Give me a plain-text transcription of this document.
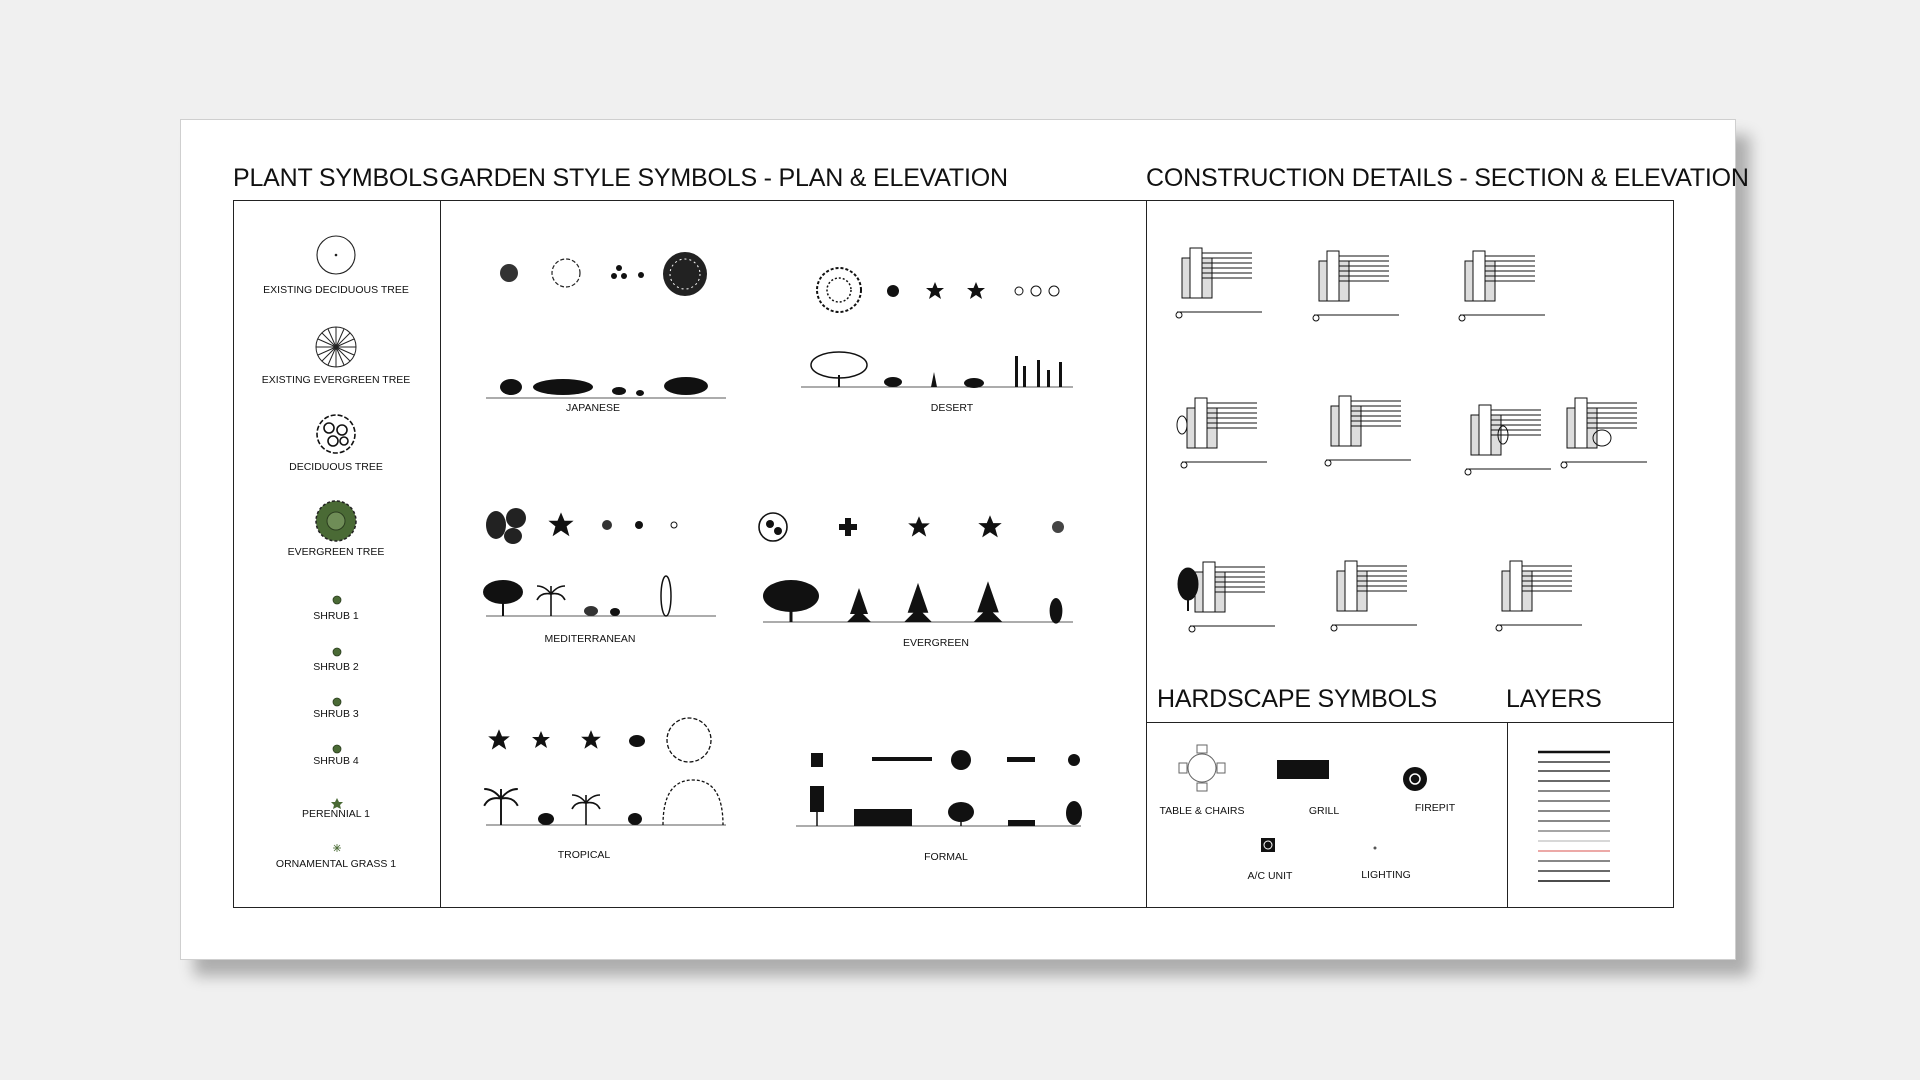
PLANT SYMBOLS GARDEN STYLE SYMBOLS - PLAN & ELEVATION	CONSTRUCTION DETAILS - SECTION & ELEVATION
HARDSCAPE SYMBOLS	LAYERS
EXISTING DECIDUOUS TREE
EXISTING EVERGREEN TREE
DECIDUOUS TREE
EVERGREEN TREE
SHRUB 1
SHRUB 2
SHRUB 3
SHRUB 4
PERENNIAL 1
ORNAMENTAL GRASS 1
JAPANESE	DESERT
MEDITERRANEAN	EVERGREEN
TROPICAL	FORMAL
TABLE & CHAIRS	GRILL	FIREPIT
A/C UNIT	LIGHTING
